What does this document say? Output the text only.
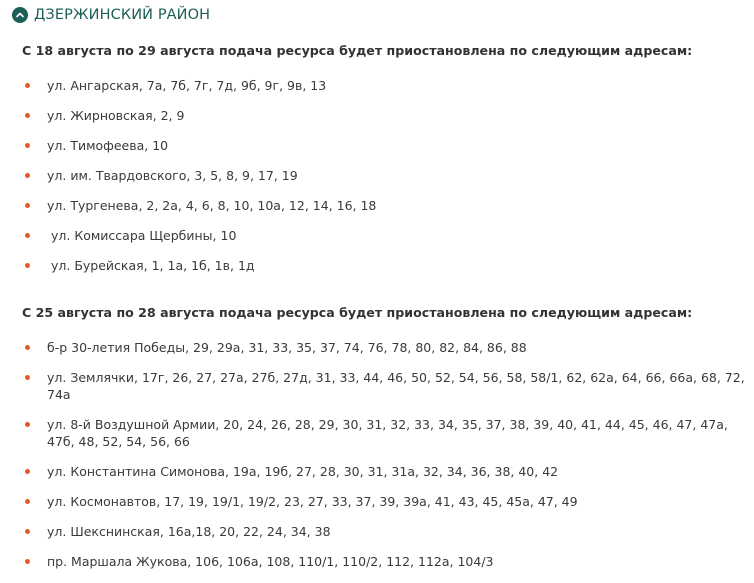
ДЗЕРЖИНСКИЙ РАЙОН

С 18 августа по 29 августа подача ресурса будет приостановлена по следующим адресам:

ул. Ангарская, 7а, 7б, 7г, 7д, 9б, 9г, 9в, 13
ул. Жирновская, 2, 9
ул. Тимофеева, 10
ул. им. Твардовского, 3, 5, 8, 9, 17, 19
ул. Тургенева, 2, 2а, 4, 6, 8, 10, 10а, 12, 14, 16, 18
ул. Комиссара Щербины, 10
ул. Бурейская, 1, 1а, 1б, 1в, 1д

С 25 августа по 28 августа подача ресурса будет приостановлена по следующим адресам:

б-р 30-летия Победы, 29, 29а, 31, 33, 35, 37, 74, 76, 78, 80, 82, 84, 86, 88
ул. Землячки, 17г, 26, 27, 27а, 27б, 27д, 31, 33, 44, 46, 50, 52, 54, 56, 58, 58/1, 62, 62а, 64, 66, 66а, 68, 72, 74а
ул. 8-й Воздушной Армии, 20, 24, 26, 28, 29, 30, 31, 32, 33, 34, 35, 37, 38, 39, 40, 41, 44, 45, 46, 47, 47а, 47б, 48, 52, 54, 56, 66
ул. Константина Симонова, 19а, 19б, 27, 28, 30, 31, 31а, 32, 34, 36, 38, 40, 42
ул. Космонавтов, 17, 19, 19/1, 19/2, 23, 27, 33, 37, 39, 39а, 41, 43, 45, 45а, 47, 49
ул. Шекснинская, 16а,18, 20, 22, 24, 34, 38
пр. Маршала Жукова, 106, 106а, 108, 110/1, 110/2, 112, 112а, 104/3
